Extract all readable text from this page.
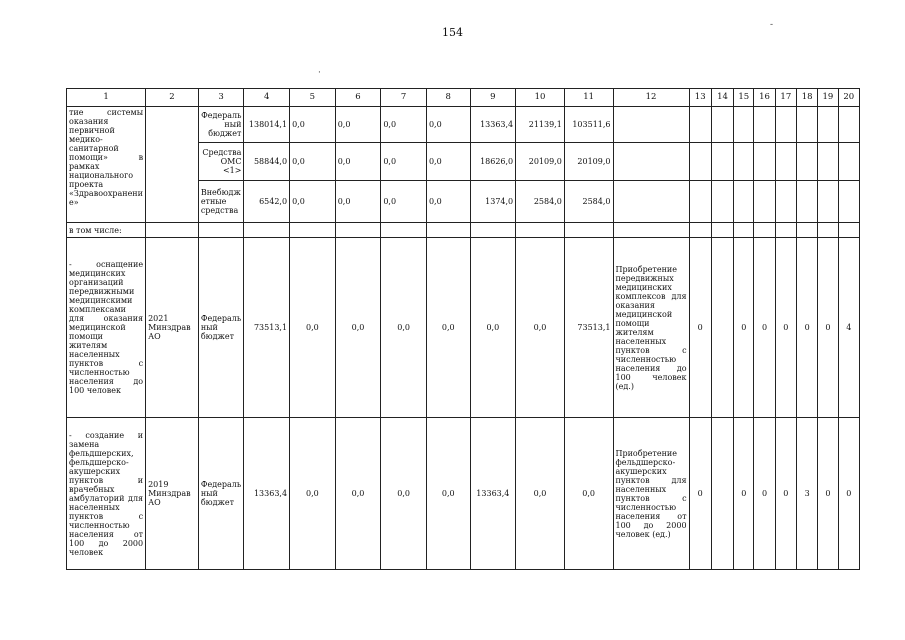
154
·
-
1	2	3	4	5	6	7	8	9	10	11	12	13	14	15	16	17	18	19	20
тие системы оказания первичной медико-санитарной помощи» в рамках национального проекта «Здравоохранение»		Федеральный бюджет	138014,1	0,0	0,0	0,0	0,0	13363,4	21139,1	103511,6									
		Средства ОМС <1>	58844,0	0,0	0,0	0,0	0,0	18626,0	20109,0	20109,0									
		Внебюджетные средства	6542,0	0,0	0,0	0,0	0,0	1374,0	2584,0	2584,0									
в том числе:																			
- оснащение медицинских организаций передвижными медицинскими комплексами для оказания медицинской помощи жителям населенных пунктов с численностью населения до 100 человек	2021 Минздрав АО	Федеральный бюджет	73513,1	0,0	0,0	0,0	0,0	0,0	0,0	73513,1	Приобретение передвижных медицинских комплексов для оказания медицинской помощи жителям населенных пунктов с численностью населения до 100 человек (ед.)	0		0	0	0	0	0	4
- создание и замена фельдшерских, фельдшерско-акушерских пунктов и врачебных амбулаторий для населенных пунктов с численностью населения от 100 до 2000 человек	2019 Минздрав АО	Федеральный бюджет	13363,4	0,0	0,0	0,0	0,0	13363,4	0,0	0,0	Приобретение фельдшерско-акушерских пунктов для населенных пунктов с численностью населения от 100 до 2000 человек (ед.)	0		0	0	0	3	0	0
